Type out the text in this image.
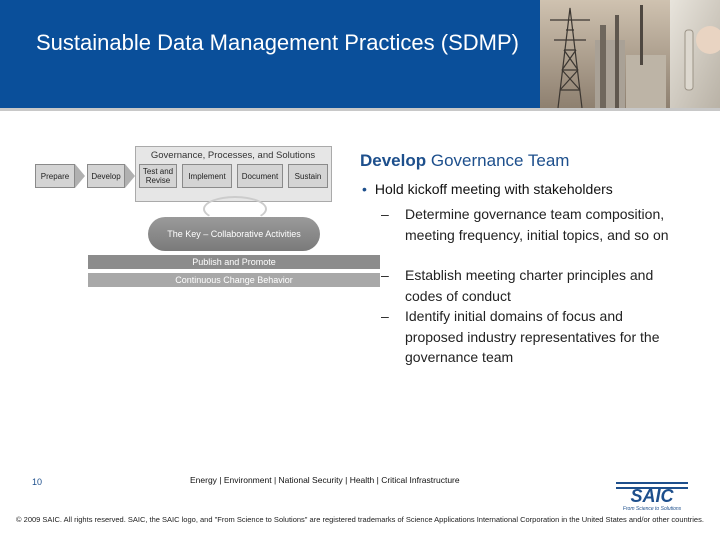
Sustainable Data Management Practices (SDMP)
Governance, Processes, and Solutions
Prepare	Develop	Test and Revise	Implement	Document	Sustain
The Key – Collaborative Activities
Publish and Promote
Continuous Change Behavior
Develop Governance Team
• Hold kickoff meeting with stakeholders
–	Determine governance team composition, meeting frequency, initial topics, and so on
–	Establish meeting charter principles and codes of conduct
–	Identify initial domains of focus and proposed industry representatives for the governance team
10	Energy | Environment | National Security | Health | Critical Infrastructure
SAIC
From Science to Solutions
© 2009 SAIC. All rights reserved. SAIC, the SAIC logo, and "From Science to Solutions" are registered trademarks of Science Applications International Corporation in the United States and/or other countries.
